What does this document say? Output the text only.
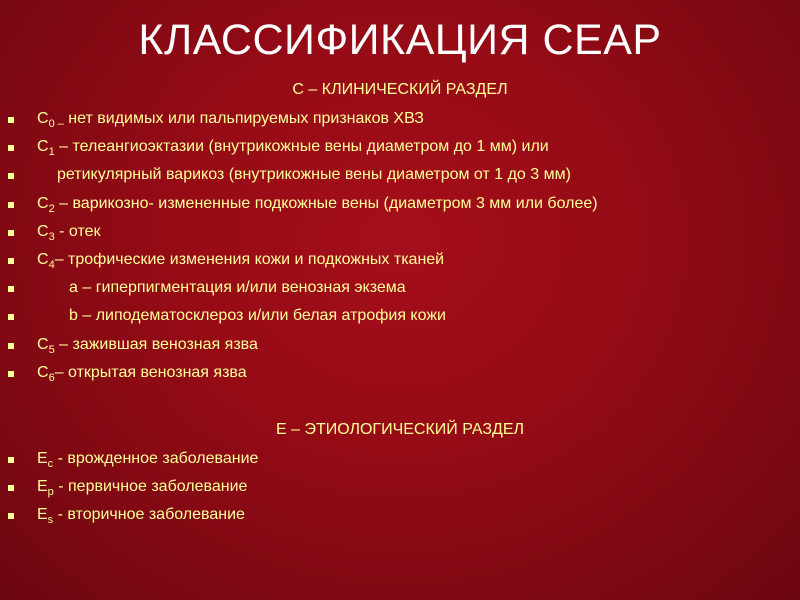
КЛАССИФИКАЦИЯ СЕАР
С – КЛИНИЧЕСКИЙ РАЗДЕЛ
$С_{0 -}$ нет видимых или пальпируемых признаков ХВЗ
$С_1$ – телеангиоэктазии (внутрикожные вены диаметром до 1 мм) или
ретикулярный варикоз (внутрикожные вены диаметром от 1 до 3 мм)
$С_2$ – варикозно- измененные подкожные вены (диаметром 3 мм или более)
$С_3$ - отек
$С_4-$ трофические изменения кожи и подкожных тканей
а – гиперпигментация и/или венозная экзема
b – липодематосклероз и/или белая атрофия кожи
$С_5$ – зажившая венозная язва
$С_6-$ открытая венозная язва
Е – ЭТИОЛОГИЧЕСКИЙ РАЗДЕЛ
$Е_c$ - врожденное заболевание
$Е_p$ - первичное заболевание
$Е_s$ - вторичное заболевание
